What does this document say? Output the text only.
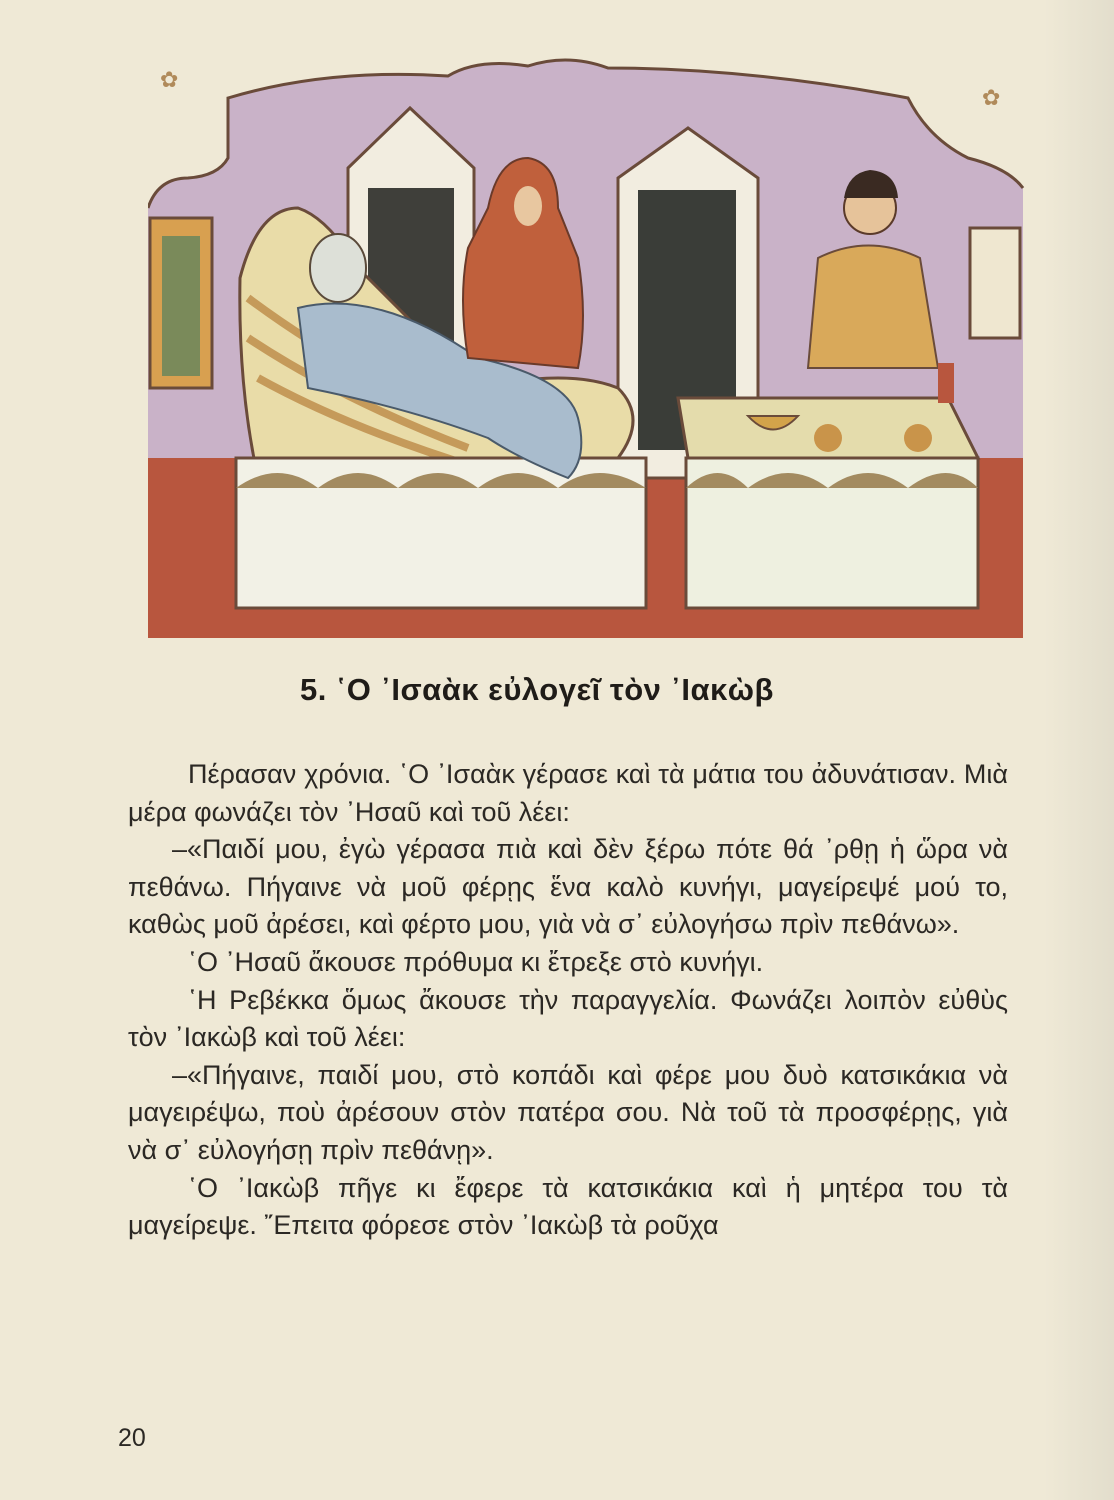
✿
✿
5. ῾Ο ᾿Ισαὰκ εὐλογεῖ τὸν ᾿Ιακὼβ

Πέρασαν χρόνια. ῾Ο ᾿Ισαὰκ γέρασε καὶ τὰ μάτια του ἀδυνάτισαν. Μιὰ μέρα φωνάζει τὸν ᾿Ησαῦ καὶ τοῦ λέει:

–«Παιδί μου, ἐγὼ γέρασα πιὰ καὶ δὲν ξέρω πότε θά ᾿ρθῃ ἡ ὥρα νὰ πεθάνω. Πήγαινε νὰ μοῦ φέρῃς ἕνα καλὸ κυνήγι, μαγείρεψέ μού το, καθὼς μοῦ ἀρέσει, καὶ φέρτο μου, γιὰ νὰ σ᾿ εὐλογήσω πρὶν πεθάνω».

῾Ο ᾿Ησαῦ ἄκουσε πρόθυμα κι ἔτρεξε στὸ κυνήγι.

῾Η Ρεβέκκα ὅμως ἄκουσε τὴν παραγγελία. Φωνάζει λοιπὸν εὐθὺς τὸν ᾿Ιακὼβ καὶ τοῦ λέει:

–«Πήγαινε, παιδί μου, στὸ κοπάδι καὶ φέρε μου δυὸ κατσικάκια νὰ μαγειρέψω, ποὺ ἀρέσουν στὸν πατέρα σου. Νὰ τοῦ τὰ προσφέρῃς, γιὰ νὰ σ᾿ εὐλογήσῃ πρὶν πεθάνῃ».

῾Ο ᾿Ιακὼβ πῆγε κι ἔφερε τὰ κατσικάκια καὶ ἡ μητέρα του τὰ μαγείρεψε. ῎Επειτα φόρεσε στὸν ᾿Ιακὼβ τὰ ροῦχα

20
